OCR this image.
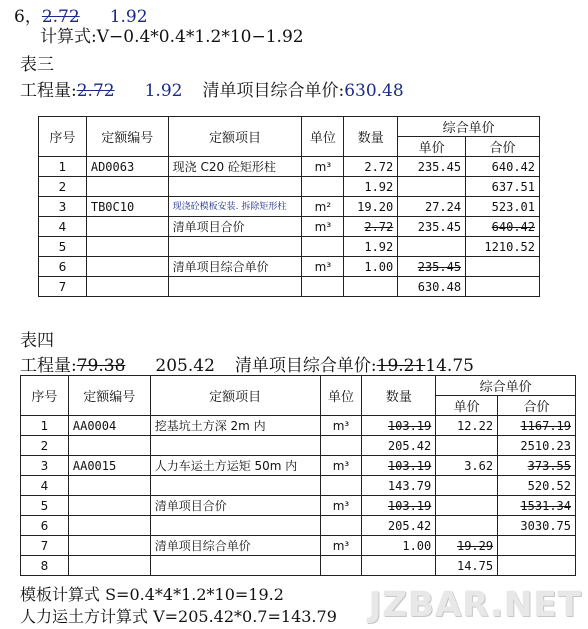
6，2.72 1.92
计算式:V−0.4*0.4*1.2*10−1.92
表三
工程量:2.72 1.92 清单项目综合单价:630.48
序号	定额编号	定额项目	单位	数量	综合单价	
					单价	合价
1	AD0063	现浇 C20 砼矩形柱	m³	2.72	235.45	640.42
2				1.92		637.51
3	TB0C10	现浇砼模板安装. 拆除矩形柱	m²	19.20	27.24	523.01
4		清单项目合价	m³	2.72	235.45	640.42
5				1.92		1210.52
6		清单项目综合单价	m³	1.00	235.45	
7					630.48	
表四
工程量:79.38 205.42 清单项目综合单价:19.2114.75
序号	定额编号	定额项目	单位	数量	综合单价	
					单价	合价
1	AA0004	挖基坑土方深 2m 内	m³	103.19	12.22	1167.19
2				205.42		2510.23
3	AA0015	人力车运土方运矩 50m 内	m³	103.19	3.62	373.55
4				143.79		520.52
5		清单项目合价	m³	103.19		1531.34
6				205.42		3030.75
7		清单项目综合单价	m³	1.00	19.29	
8					14.75	
模板计算式 S=0.4*4*1.2*10=19.2
人力运土方计算式 V=205.42*0.7=143.79 JZBAR.NET
